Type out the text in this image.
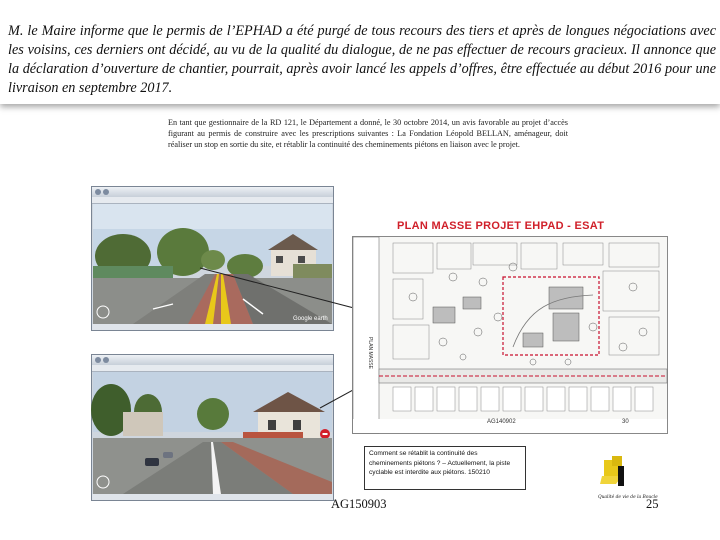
M. le Maire informe que le permis de l’EPHAD a été purgé de tous recours des tiers et après de longues négociations avec les voisins, ces derniers ont décidé, au vu de la qualité du dialogue, de ne pas effectuer de recours gracieux. Il annonce que la déclaration d’ouverture de chantier, pourrait, après avoir lancé les appels d’offres, être effectuée au début 2016 pour une livraison en septembre 2017.
En tant que gestionnaire de la RD 121, le Département a donné, le 30 octobre 2014, un avis favorable au projet d’accès figurant au permis de construire avec les prescriptions suivantes : La Fondation Léopold BELLAN, aménageur, doit réaliser un stop en sortie du site, et rétablir la continuité des cheminements piétons en liaison avec le projet.
Google earth
PLAN MASSE PROJET EHPAD - ESAT
PLAN MASSE
AG140902	30
Comment se rétablit la continuité des cheminements piétons ? – Actuellement, la piste cyclable est interdite aux piétons. 150210
Qualité de vie de la Boucle
AG150903	25
